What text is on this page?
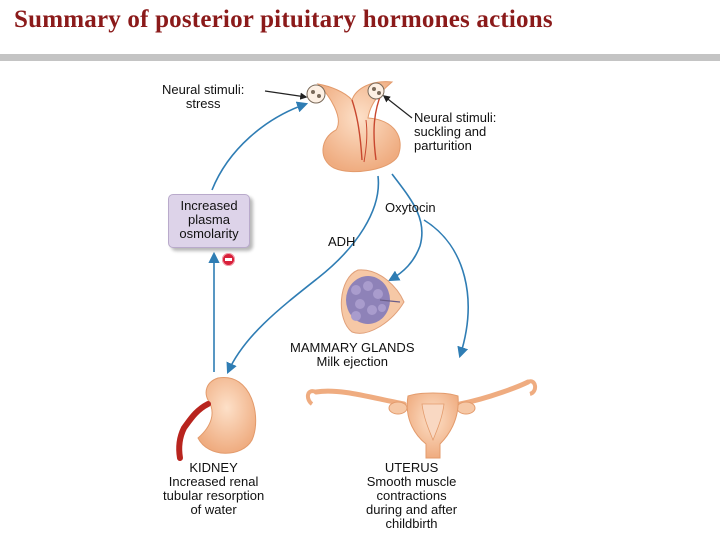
Summary of posterior pituitary hormones actions
Neural stimuli:
stress
Neural stimuli:
suckling and
parturition
Increased
plasma
osmolarity
Oxytocin
ADH
MAMMARY GLANDS
Milk ejection
KIDNEY
Increased renal
tubular resorption
of water
UTERUS
Smooth muscle
contractions
during and after
childbirth
